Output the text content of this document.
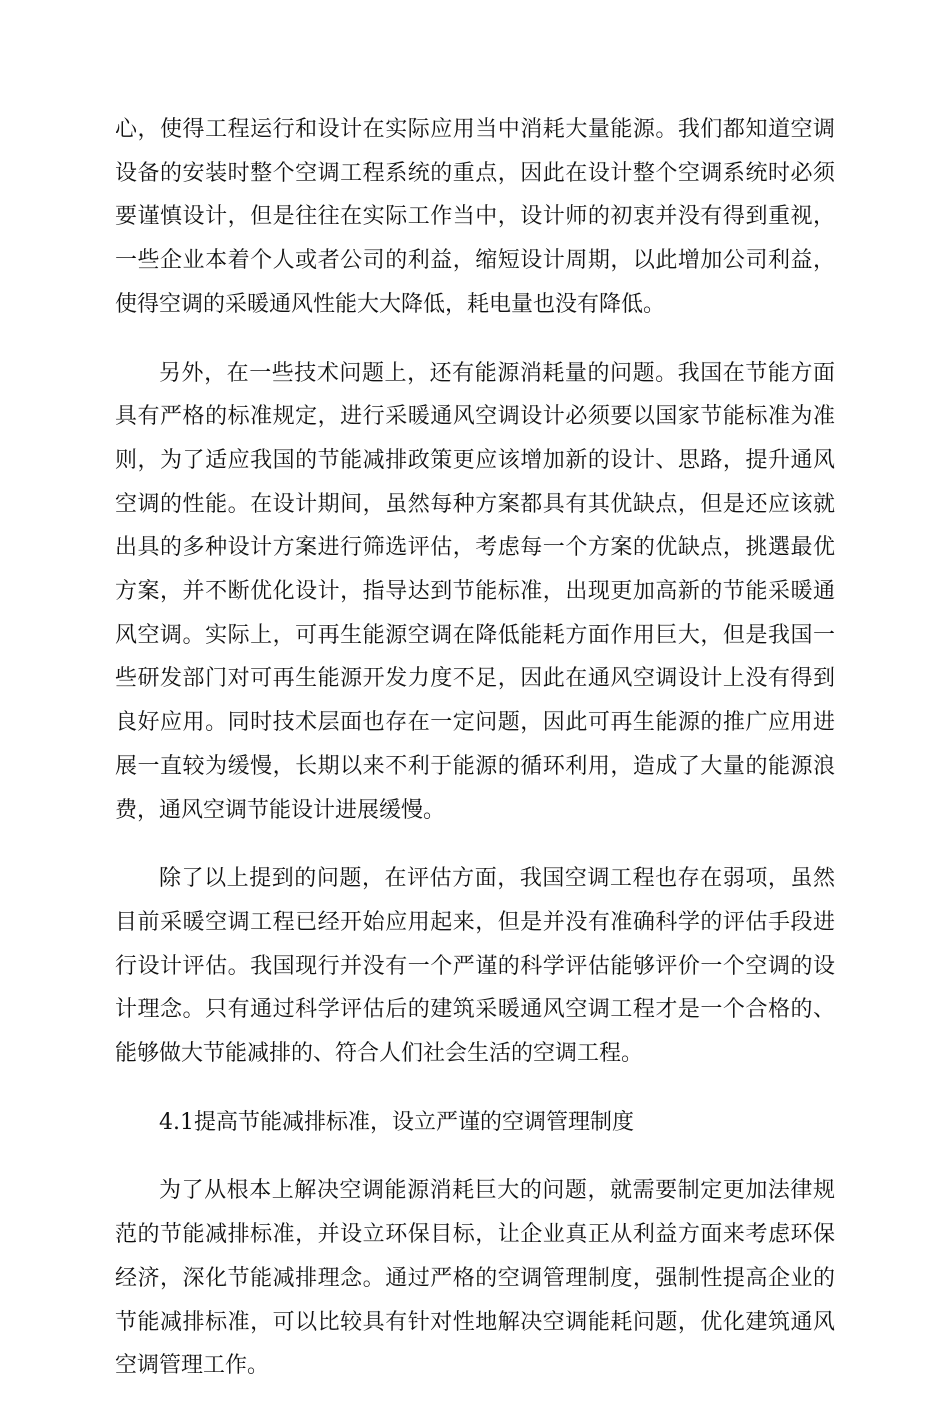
心，使得工程运行和设计在实际应用当中消耗大量能源。我们都知道空调设备的安装时整个空调工程系统的重点，因此在设计整个空调系统时必须要谨慎设计，但是往往在实际工作当中，设计师的初衷并没有得到重视，一些企业本着个人或者公司的利益，缩短设计周期，以此增加公司利益，使得空调的采暖通风性能大大降低，耗电量也没有降低。

另外，在一些技术问题上，还有能源消耗量的问题。我国在节能方面具有严格的标准规定，进行采暖通风空调设计必须要以国家节能标准为准则，为了适应我国的节能减排政策更应该增加新的设计、思路，提升通风空调的性能。在设计期间，虽然每种方案都具有其优缺点，但是还应该就出具的多种设计方案进行筛选评估，考虑每一个方案的优缺点，挑選最优方案，并不断优化设计，指导达到节能标准，出现更加高新的节能采暖通风空调。实际上，可再生能源空调在降低能耗方面作用巨大，但是我国一些研发部门对可再生能源开发力度不足，因此在通风空调设计上没有得到良好应用。同时技术层面也存在一定问题，因此可再生能源的推广应用进展一直较为缓慢，长期以来不利于能源的循环利用，造成了大量的能源浪费，通风空调节能设计进展缓慢。

除了以上提到的问题，在评估方面，我国空调工程也存在弱项，虽然目前采暖空调工程已经开始应用起来，但是并没有准确科学的评估手段进行设计评估。我国现行并没有一个严谨的科学评估能够评价一个空调的设计理念。只有通过科学评估后的建筑采暖通风空调工程才是一个合格的、能够做大节能减排的、符合人们社会生活的空调工程。

4.1提高节能减排标准，设立严谨的空调管理制度

为了从根本上解决空调能源消耗巨大的问题，就需要制定更加法律规范的节能减排标准，并设立环保目标，让企业真正从利益方面来考虑环保经济，深化节能减排理念。通过严格的空调管理制度，强制性提高企业的节能减排标准，可以比较具有针对性地解决空调能耗问题，优化建筑通风空调管理工作。
